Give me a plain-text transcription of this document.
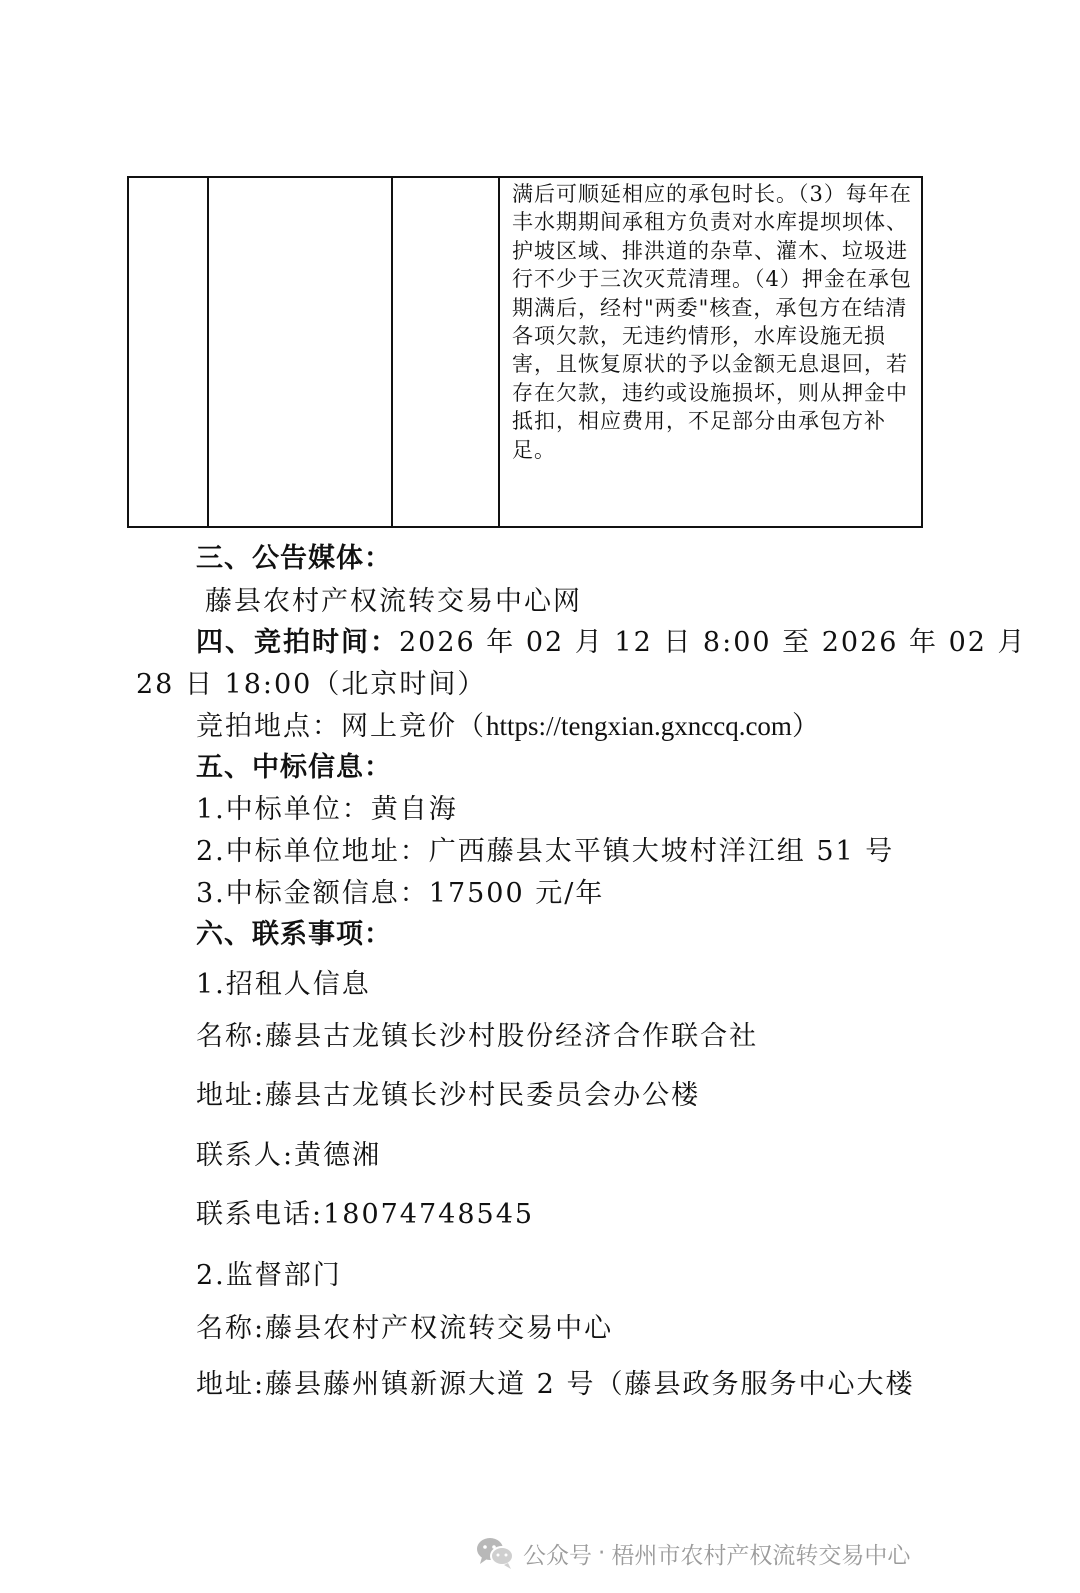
满后可顺延相应的承包时长。（3）每年在丰水期期间承租方负责对水库提坝坝体、护坡区域、排洪道的杂草、灌木、垃圾进行不少于三次灭荒清理。（4）押金在承包期满后，经村"两委"核查，承包方在结清各项欠款，无违约情形，水库设施无损害，且恢复原状的予以金额无息退回，若存在欠款，违约或设施损坏，则从押金中抵扣，相应费用，不足部分由承包方补足。
三、公告媒体：
藤县农村产权流转交易中心网
四、竞拍时间：2026 年 02 月 12 日 8:00 至 2026 年 02 月
28 日 18:00（北京时间）
竞拍地点：网上竞价（https://tengxian.gxnccq.com）
五、中标信息：
1.中标单位：黄自海
2.中标单位地址：广西藤县太平镇大坡村洋江组 51 号
3.中标金额信息：17500 元/年
六、联系事项：
1.招租人信息
名称:藤县古龙镇长沙村股份经济合作联合社
地址:藤县古龙镇长沙村民委员会办公楼
联系人:黄德湘
联系电话:18074748545
2.监督部门
名称:藤县农村产权流转交易中心
地址:藤县藤州镇新源大道 2 号（藤县政务服务中心大楼
公众号 · 梧州市农村产权流转交易中心
